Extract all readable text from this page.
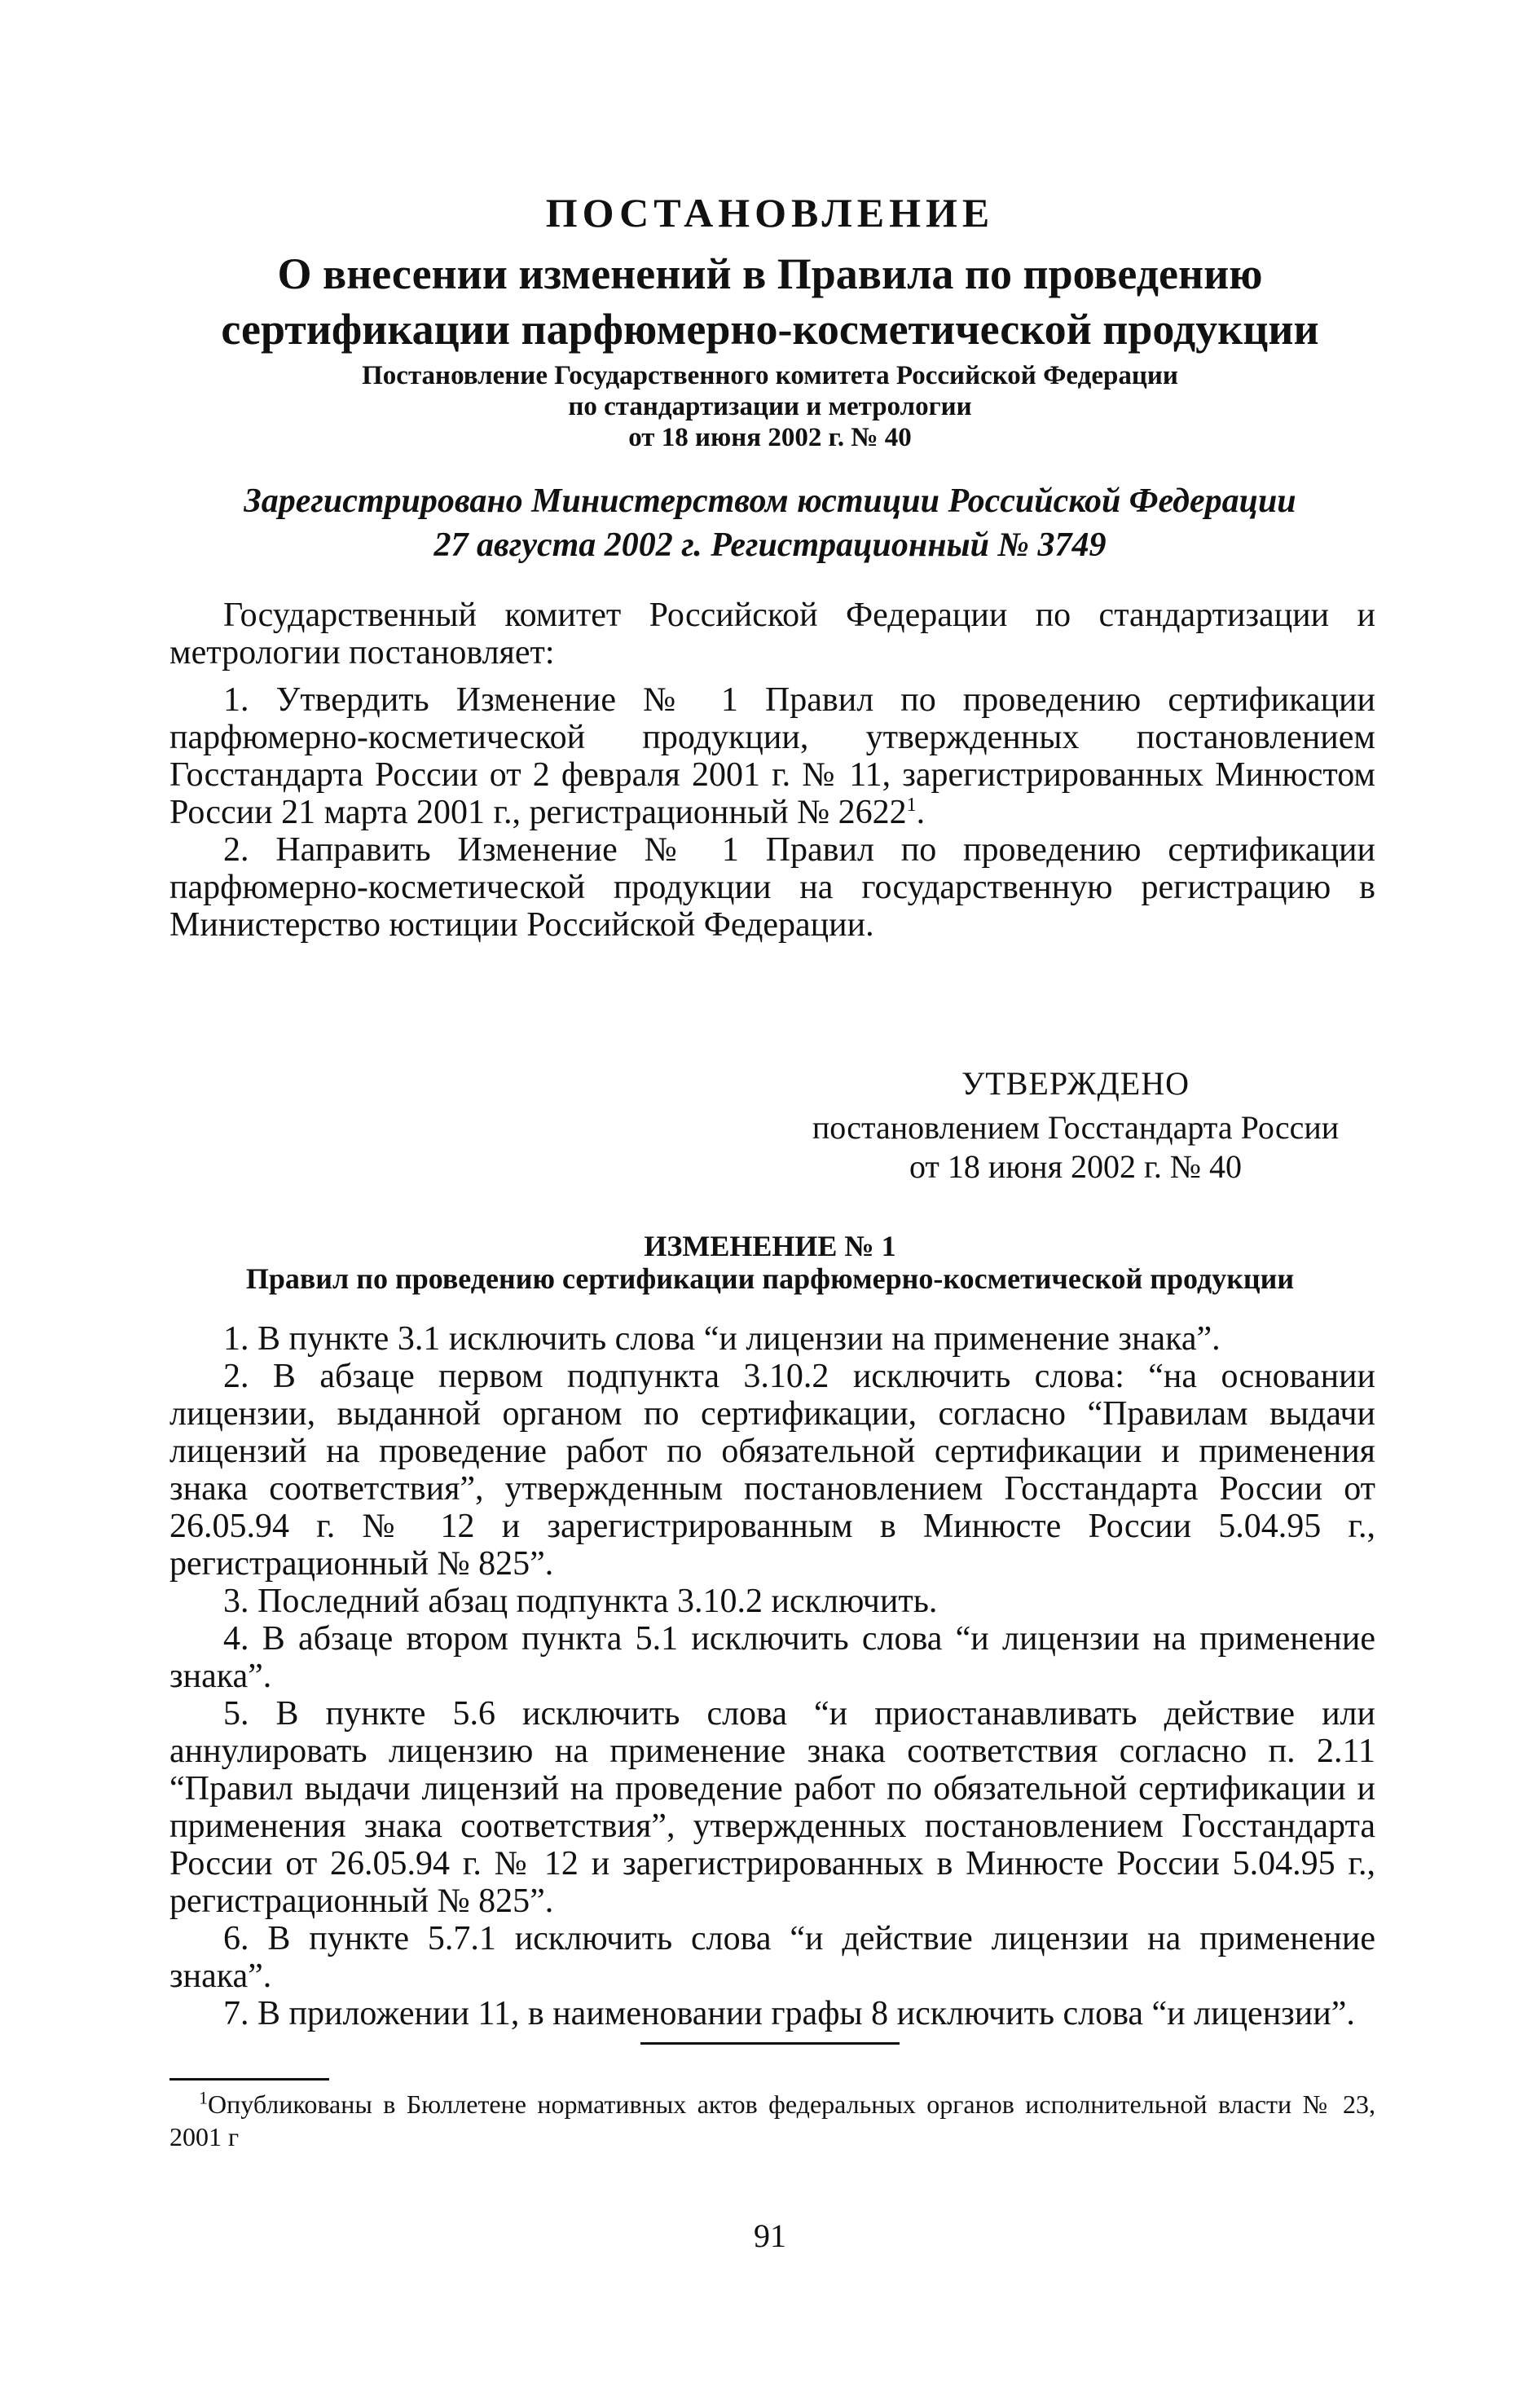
ПОСТАНОВЛЕНИЕ
О внесении изменений в Правила по проведению
сертификации парфюмерно-косметической продукции
Постановление Государственного комитета Российской Федерации
по стандартизации и метрологии
от 18 июня 2002 г. № 40
Зарегистрировано Министерством юстиции Российской Федерации
27 августа 2002 г. Регистрационный № 3749

Государственный комитет Российской Федерации по стандартизации и метрологии постановляет:

1. Утвердить Изменение № 1 Правил по проведению сертификации парфюмерно-косметической продукции, утвержденных постановлением Госстандарта России от 2 февраля 2001 г. № 11, зарегистрированных Минюстом России 21 марта 2001 г., регистрационный № 2622$^1$.

2. Направить Изменение № 1 Правил по проведению сертификации парфюмерно-косметической продукции на государственную регистрацию в Министерство юстиции Российской Федерации.

УТВЕРЖДЕНО
постановлением Госстандарта России
от 18 июня 2002 г. № 40
ИЗМЕНЕНИЕ № 1
Правил по проведению сертификации парфюмерно-косметической продукции

1. В пункте 3.1 исключить слова “и лицензии на применение знака”.

2. В абзаце первом подпункта 3.10.2 исключить слова: “на основании лицензии, выданной органом по сертификации, согласно “Правилам выдачи лицензий на проведение работ по обязательной сертификации и применения знака соответствия”, утвержденным постановлением Госстандарта России от 26.05.94 г. № 12 и зарегистрированным в Минюсте России 5.04.95 г., регистрационный № 825”.

3. Последний абзац подпункта 3.10.2 исключить.

4. В абзаце втором пункта 5.1 исключить слова “и лицензии на применение знака”.

5. В пункте 5.6 исключить слова “и приостанавливать действие или аннулировать лицензию на применение знака соответствия согласно п. 2.11 “Правил выдачи лицензий на проведение работ по обязательной сертификации и применения знака соответствия”, утвержденных постановлением Госстандарта России от 26.05.94 г. № 12 и зарегистрированных в Минюсте России 5.04.95 г., регистрационный № 825”.

6. В пункте 5.7.1 исключить слова “и действие лицензии на применение знака”.

7. В приложении 11, в наименовании графы 8 исключить слова “и лицензии”.

$^1$Опубликованы в Бюллетене нормативных актов федеральных органов исполнительной власти № 23, 2001 г

91
